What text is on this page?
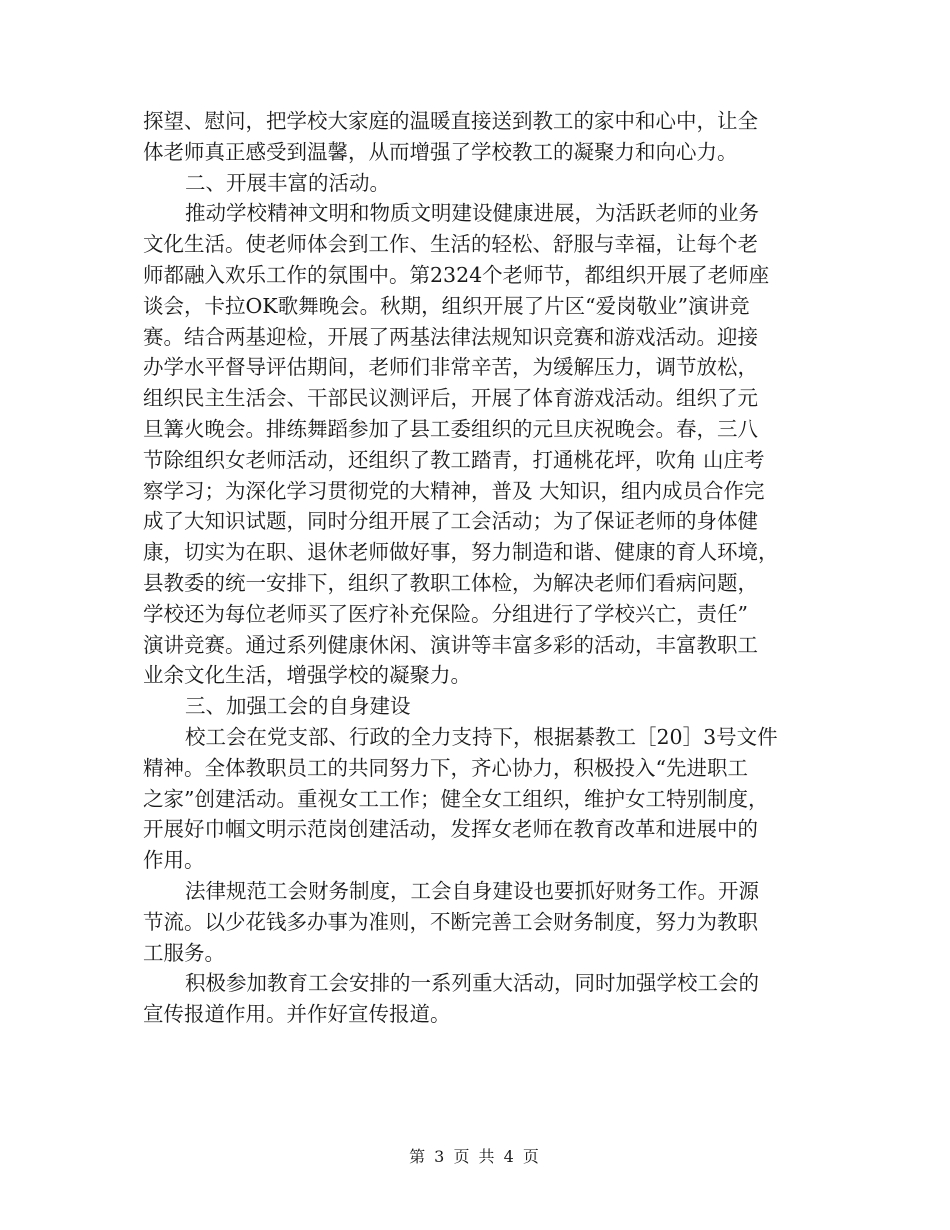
探望、慰问，把学校大家庭的温暖直接送到教工的家中和心中，让全
体老师真正感受到温馨，从而增强了学校教工的凝聚力和向心力。
二、开展丰富的活动。
推动学校精神文明和物质文明建设健康进展，为活跃老师的业务
文化生活。使老师体会到工作、生活的轻松、舒服与幸福，让每个老
师都融入欢乐工作的氛围中。第2324个老师节，都组织开展了老师座
谈会，卡拉OK歌舞晚会。秋期，组织开展了片区“爱岗敬业”演讲竞
赛。结合两基迎检，开展了两基法律法规知识竞赛和游戏活动。迎接
办学水平督导评估期间，老师们非常辛苦，为缓解压力，调节放松，
组织民主生活会、干部民议测评后，开展了体育游戏活动。组织了元
旦篝火晚会。排练舞蹈参加了县工委组织的元旦庆祝晚会。春，三八
节除组织女老师活动，还组织了教工踏青，打通桃花坪，吹角 山庄考
察学习；为深化学习贯彻党的大精神，普及 大知识，组内成员合作完
成了大知识试题，同时分组开展了工会活动；为了保证老师的身体健
康，切实为在职、退休老师做好事，努力制造和谐、健康的育人环境，
县教委的统一安排下，组织了教职工体检，为解决老师们看病问题，
学校还为每位老师买了医疗补充保险。分组进行了学校兴亡，责任”
演讲竞赛。通过系列健康休闲、演讲等丰富多彩的活动，丰富教职工
业余文化生活，增强学校的凝聚力。
三、加强工会的自身建设
校工会在党支部、行政的全力支持下，根据綦教工［20］3号文件
精神。全体教职员工的共同努力下，齐心协力，积极投入“先进职工
之家”创建活动。重视女工工作；健全女工组织，维护女工特别制度，
开展好巾帼文明示范岗创建活动，发挥女老师在教育改革和进展中的
作用。
法律规范工会财务制度，工会自身建设也要抓好财务工作。开源
节流。以少花钱多办事为准则，不断完善工会财务制度，努力为教职
工服务。
积极参加教育工会安排的一系列重大活动，同时加强学校工会的
宣传报道作用。并作好宣传报道。
第 3 页 共 4 页
